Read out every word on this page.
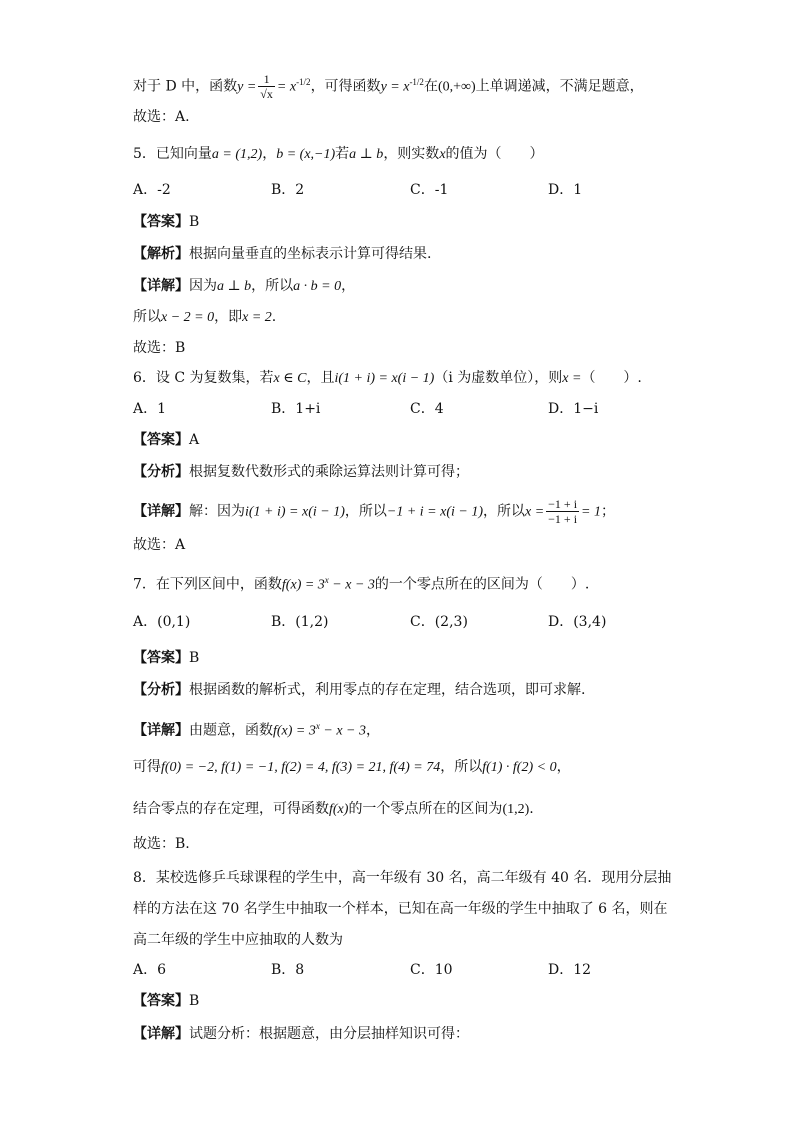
对于 D 中，函数$y = \frac{1}{√x} = x^{-1/2}$，可得函数$y = x^{-1/2}$在(0,+∞)上单调递减，不满足题意，
故选：A.
5．已知向量a = (1,2)，b = (x,−1)若a ⊥ b，则实数x的值为（　　）
A．-2	B．2	C．-1	D．1
【答案】B
【解析】根据向量垂直的坐标表示计算可得结果.
【详解】因为a ⊥ b，所以a · b = 0，
所以x − 2 = 0，即x = 2.
故选：B
6．设 C 为复数集，若x ∈ C，且i(1 + i) = x(i − 1)（i 为虚数单位），则x =（　　）.
A．1	B．1+i	C．4	D．1−i
【答案】A
【分析】根据复数代数形式的乘除运算法则计算可得；
【详解】解：因为i(1 + i) = x(i − 1)，所以−1 + i = x(i − 1)，所以$x = \frac{-1 + i}{-1 + i} = 1$；
故选：A
7．在下列区间中，函数$f(x) = 3^x - x - 3$的一个零点所在的区间为（　　）.
A．(0,1)	B．(1,2)	C．(2,3)	D．(3,4)
【答案】B
【分析】根据函数的解析式，利用零点的存在定理，结合选项，即可求解.
【详解】由题意，函数$f(x) = 3^x - x - 3$，
可得f(0) = −2, f(1) = −1, f(2) = 4, f(3) = 21, f(4) = 74，所以f(1) · f(2) < 0，
结合零点的存在定理，可得函数f(x)的一个零点所在的区间为(1,2).
故选：B.
8．某校选修乒乓球课程的学生中，高一年级有 30 名，高二年级有 40 名．现用分层抽
样的方法在这 70 名学生中抽取一个样本，已知在高一年级的学生中抽取了 6 名，则在
高二年级的学生中应抽取的人数为
A．6	B．8	C．10	D．12
【答案】B
【详解】试题分析：根据题意，由分层抽样知识可得：
